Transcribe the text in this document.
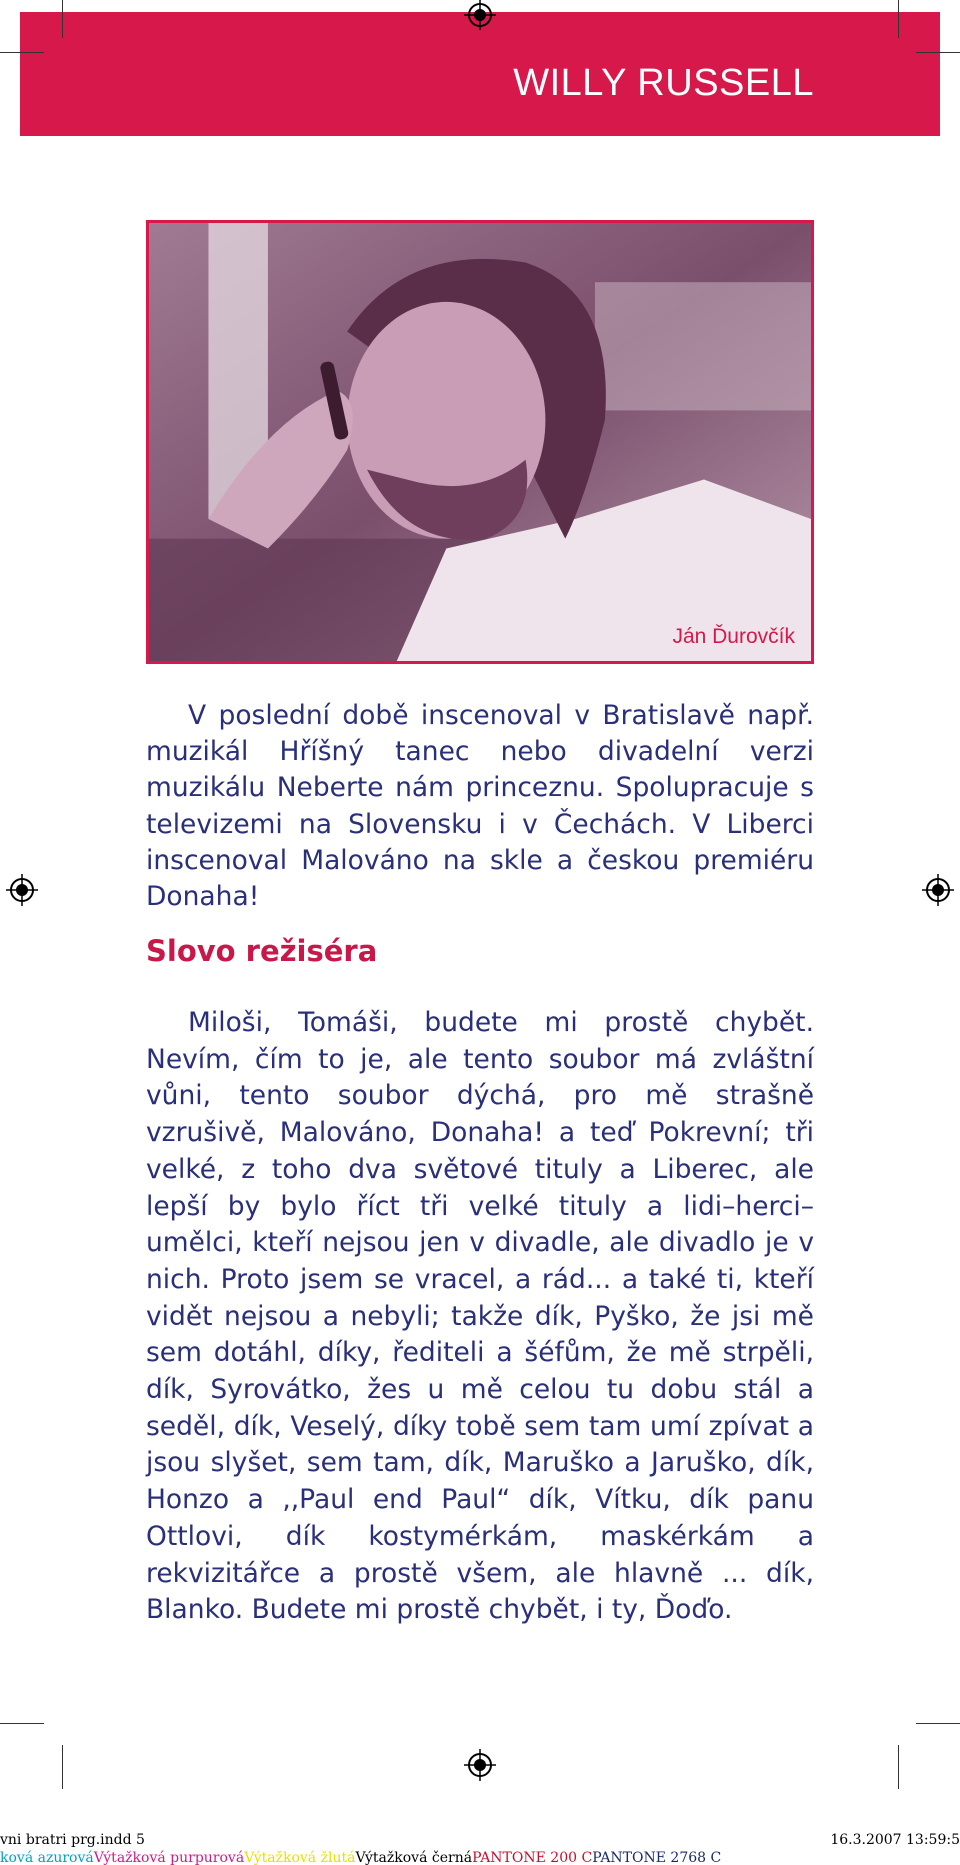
WILLY RUSSELL
Ján Ďurovčík

V poslední době inscenoval v Bratislavě např. muzikál Hříšný tanec nebo divadelní verzi muzikálu Neberte nám princeznu. Spolupracuje s televizemi na Slovensku i v Čechách. V Liberci inscenoval Malováno na skle a českou premiéru Donaha!

Slovo režiséra

Miloši, Tomáši, budete mi prostě chybět. Nevím, čím to je, ale tento soubor má zvláštní vůni, tento soubor dýchá, pro mě strašně vzrušivě, Malováno, Donaha! a teď Pokrevní; tři velké, z toho dva světové tituly a Liberec, ale lepší by bylo říct tři velké tituly a lidi–herci–umělci, kteří nejsou jen v divadle, ale divadlo je v nich. Proto jsem se vracel, a rád... a také ti, kteří vidět nejsou a nebyli; takže dík, Pyško, že jsi mě sem dotáhl, díky, řediteli a šéfům, že mě strpěli, dík, Syrovátko, žes u mě celou tu dobu stál a seděl, dík, Veselý, díky tobě sem tam umí zpívat a jsou slyšet, sem tam, dík, Maruško a Jaruško, dík, Honzo a ,,Paul end Paul“ dík, Vítku, dík panu Ottlovi, dík kostymérkám, maskérkám a rekvizitářce a prostě všem, ale hlavně ... dík, Blanko. Budete mi prostě chybět, i ty, Ďoďo.

vni bratri prg.indd 5	16.3.2007 13:59:5
ková azurováVýtažková purpurováVýtažková žlutáVýtažková černáPANTONE 200 CPANTONE 2768 C
